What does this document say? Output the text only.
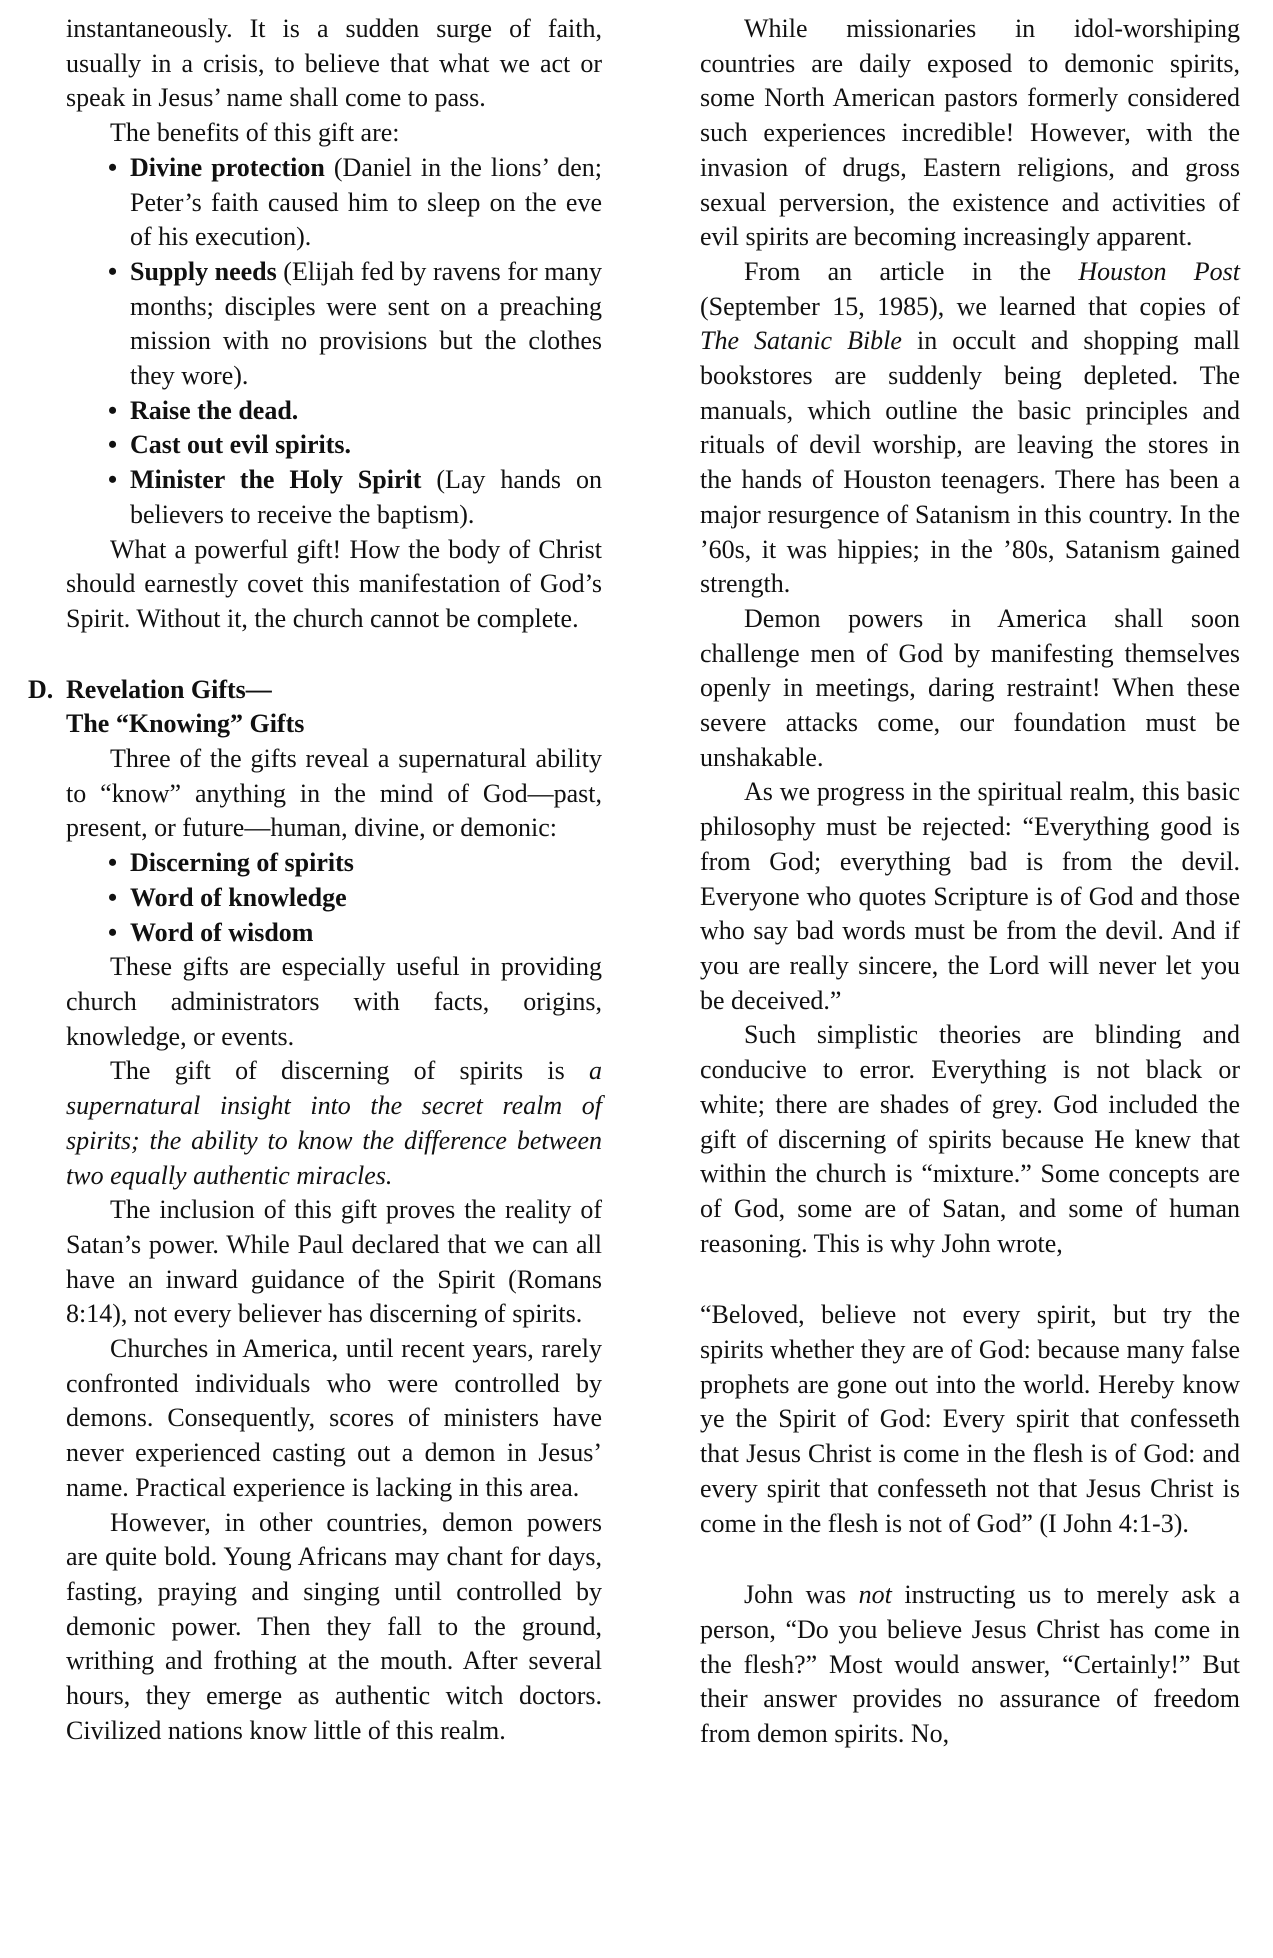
instantaneously. It is a sudden surge of faith, usually in a crisis, to believe that what we act or speak in Jesus’ name shall come to pass.

The benefits of this gift are:

• Divine protection (Daniel in the lions’ den; Peter’s faith caused him to sleep on the eve of his execution).
• Supply needs (Elijah fed by ravens for many months; disciples were sent on a preaching mission with no provisions but the clothes they wore).
• Raise the dead.
• Cast out evil spirits.
• Minister the Holy Spirit (Lay hands on believers to receive the baptism).

What a powerful gift! How the body of Christ should earnestly covet this manifestation of God’s Spirit. Without it, the church cannot be complete.

D. Revelation Gifts—
The “Knowing” Gifts

Three of the gifts reveal a supernatural ability to “know” anything in the mind of God—past, present, or future—human, divine, or demonic:

• Discerning of spirits
• Word of knowledge
• Word of wisdom

These gifts are especially useful in providing church administrators with facts, origins, knowledge, or events.

The gift of discerning of spirits is a supernatural insight into the secret realm of spirits; the ability to know the difference between two equally authentic miracles.

The inclusion of this gift proves the reality of Satan’s power. While Paul declared that we can all have an inward guidance of the Spirit (Romans 8:14), not every believer has discerning of spirits.

Churches in America, until recent years, rarely confronted individuals who were controlled by demons. Consequently, scores of ministers have never experienced casting out a demon in Jesus’ name. Practical experience is lacking in this area.

However, in other countries, demon powers are quite bold. Young Africans may chant for days, fasting, praying and singing until controlled by demonic power. Then they fall to the ground, writhing and frothing at the mouth. After several hours, they emerge as authentic witch doctors. Civilized nations know little of this realm.

While missionaries in idol-worshiping countries are daily exposed to demonic spirits, some North American pastors formerly considered such experiences incredible! However, with the invasion of drugs, Eastern religions, and gross sexual perversion, the existence and activities of evil spirits are becoming increasingly apparent.

From an article in the Houston Post (September 15, 1985), we learned that copies of The Satanic Bible in occult and shopping mall bookstores are suddenly being depleted. The manuals, which outline the basic principles and rituals of devil worship, are leaving the stores in the hands of Houston teenagers. There has been a major resurgence of Satanism in this country. In the ’60s, it was hippies; in the ’80s, Satanism gained strength.

Demon powers in America shall soon challenge men of God by manifesting themselves openly in meetings, daring restraint! When these severe attacks come, our foundation must be unshakable.

As we progress in the spiritual realm, this basic philosophy must be rejected: “Everything good is from God; everything bad is from the devil. Everyone who quotes Scripture is of God and those who say bad words must be from the devil. And if you are really sincere, the Lord will never let you be deceived.”

Such simplistic theories are blinding and conducive to error. Everything is not black or white; there are shades of grey. God included the gift of discerning of spirits because He knew that within the church is “mixture.” Some concepts are of God, some are of Satan, and some of human reasoning. This is why John wrote,

“Beloved, believe not every spirit, but try the spirits whether they are of God: because many false prophets are gone out into the world. Hereby know ye the Spirit of God: Every spirit that confesseth that Jesus Christ is come in the flesh is of God: and every spirit that confesseth not that Jesus Christ is come in the flesh is not of God” (I John 4:1-3).

John was not instructing us to merely ask a person, “Do you believe Jesus Christ has come in the flesh?” Most would answer, “Certainly!” But their answer provides no assurance of freedom from demon spirits. No,
